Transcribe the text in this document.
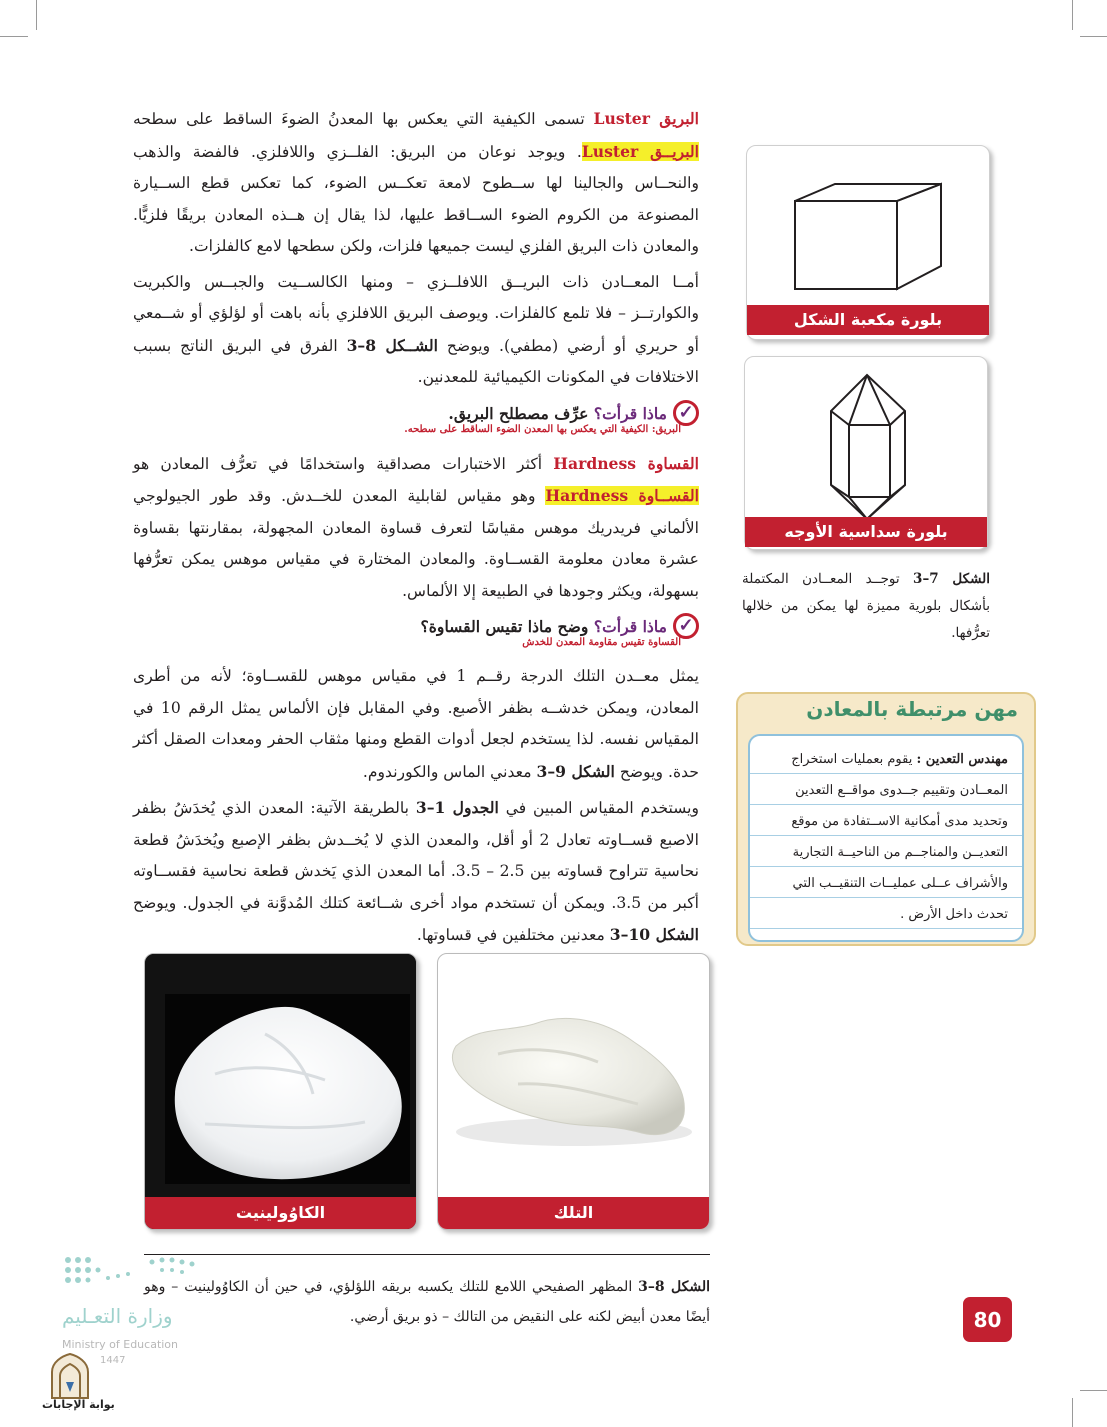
البريق Luster تسمى الكيفية التي يعكس بها المعدنُ الضوءَ الساقط على سطحه البريــق Luster. ويوجد نوعان من البريق: الفلــزي واللافلزي. فالفضة والذهب والنحــاس والجالينا لها ســطوح لامعة تعكــس الضوء، كما تعكس قطع الســيارة المصنوعة من الكروم الضوء الســاقط عليها، لذا يقال إن هــذه المعادن بريقًا فلزيًّا. والمعادن ذات البريق الفلزي ليست جميعها فلزات، ولكن سطحها لامع كالفلزات.

أمــا المعــادن ذات البريــق اللافلــزي – ومنها الكالســيت والجبــس والكبريت والكوارتــز – فلا تلمع كالفلزات. ويوصف البريق اللافلزي بأنه باهت أو لؤلؤي أو شــمعي أو حريري أو أرضي (مطفي). ويوضح الشــكل 8–3 الفرق في البريق الناتج بسبب الاختلافات في المكونات الكيميائية للمعدنين.

✓
ماذا قرأت؟ عرِّف مصطلح البريق.
البريق: الكيفية التي يعكس بها المعدن الضوء الساقط على سطحه.

القساوة Hardness أكثر الاختبارات مصداقية واستخدامًا في تعرُّف المعادن هو القســاوة Hardness وهو مقياس لقابلية المعدن للخــدش. وقد طور الجيولوجي الألماني فريدريك موهس مقياسًا لتعرف قساوة المعادن المجهولة، بمقارنتها بقساوة عشرة معادن معلومة القســاوة. والمعادن المختارة في مقياس موهس يمكن تعرُّفها بسهولة، ويكثر وجودها في الطبيعة إلا الألماس.

✓
ماذا قرأت؟ وضح ماذا تقيس القساوة؟
القساوة تقيس مقاومة المعدن للخدش

يمثل معــدن التلك الدرجة رقــم 1 في مقياس موهس للقســاوة؛ لأنه من أطرى المعادن، ويمكن خدشــه بظفر الأصبع. وفي المقابل فإن الألماس يمثل الرقم 10 في المقياس نفسه. لذا يستخدم لجعل أدوات القطع ومنها مثقاب الحفر ومعدات الصقل أكثر حدة. ويوضح الشكل 9–3 معدني الماس والكورندوم.

ويستخدم المقياس المبين في الجدول 1–3 بالطريقة الآتية: المعدن الذي يُخدَشُ بظفر الاصبع قســاوته تعادل 2 أو أقل، والمعدن الذي لا يُخــدش بظفر الإصبع ويُخدَشُ قطعة نحاسية تتراوح قساوته بين 2.5 – 3.5. أما المعدن الذي يَخدش قطعة نحاسية فقســاوته أكبر من 3.5. ويمكن أن تستخدم مواد أخرى شــائعة كتلك المُدوَّنة في الجدول. ويوضح الشكل 10–3 معدنين مختلفين في قساوتها.

بلورة مكعبة الشكل
بلورة سداسية الأوجه
الشكل 7–3 توجــد المعــادن المكتملة بأشكال بلورية مميزة لها يمكن من خلالها تعرُّفها.
مهن مرتبطة بالمعادن
مهندس التعدين : يقوم بعمليات استخراج المعــادن وتقييم جــدوى مواقــع التعدين وتحديد مدى أمكانية الاســتفادة من موقع التعديــن والمناجــم من الناحيــة التجارية والأشراف عــلى عمليــات التنقيــب التي تحدث داخل الأرض .
التلك
الكاوُولينيت
الشكل 8–3 المظهر الصفيحي اللامع للتلك يكسبه بريقه اللؤلؤي، في حين أن الكاوُولينيت – وهو أيضًا معدن أبيض لكنه على النقيض من التالك – ذو بريق أرضي.	80
وزارة التعـليم
Ministry of Education
1447
بوابة الإجابات
